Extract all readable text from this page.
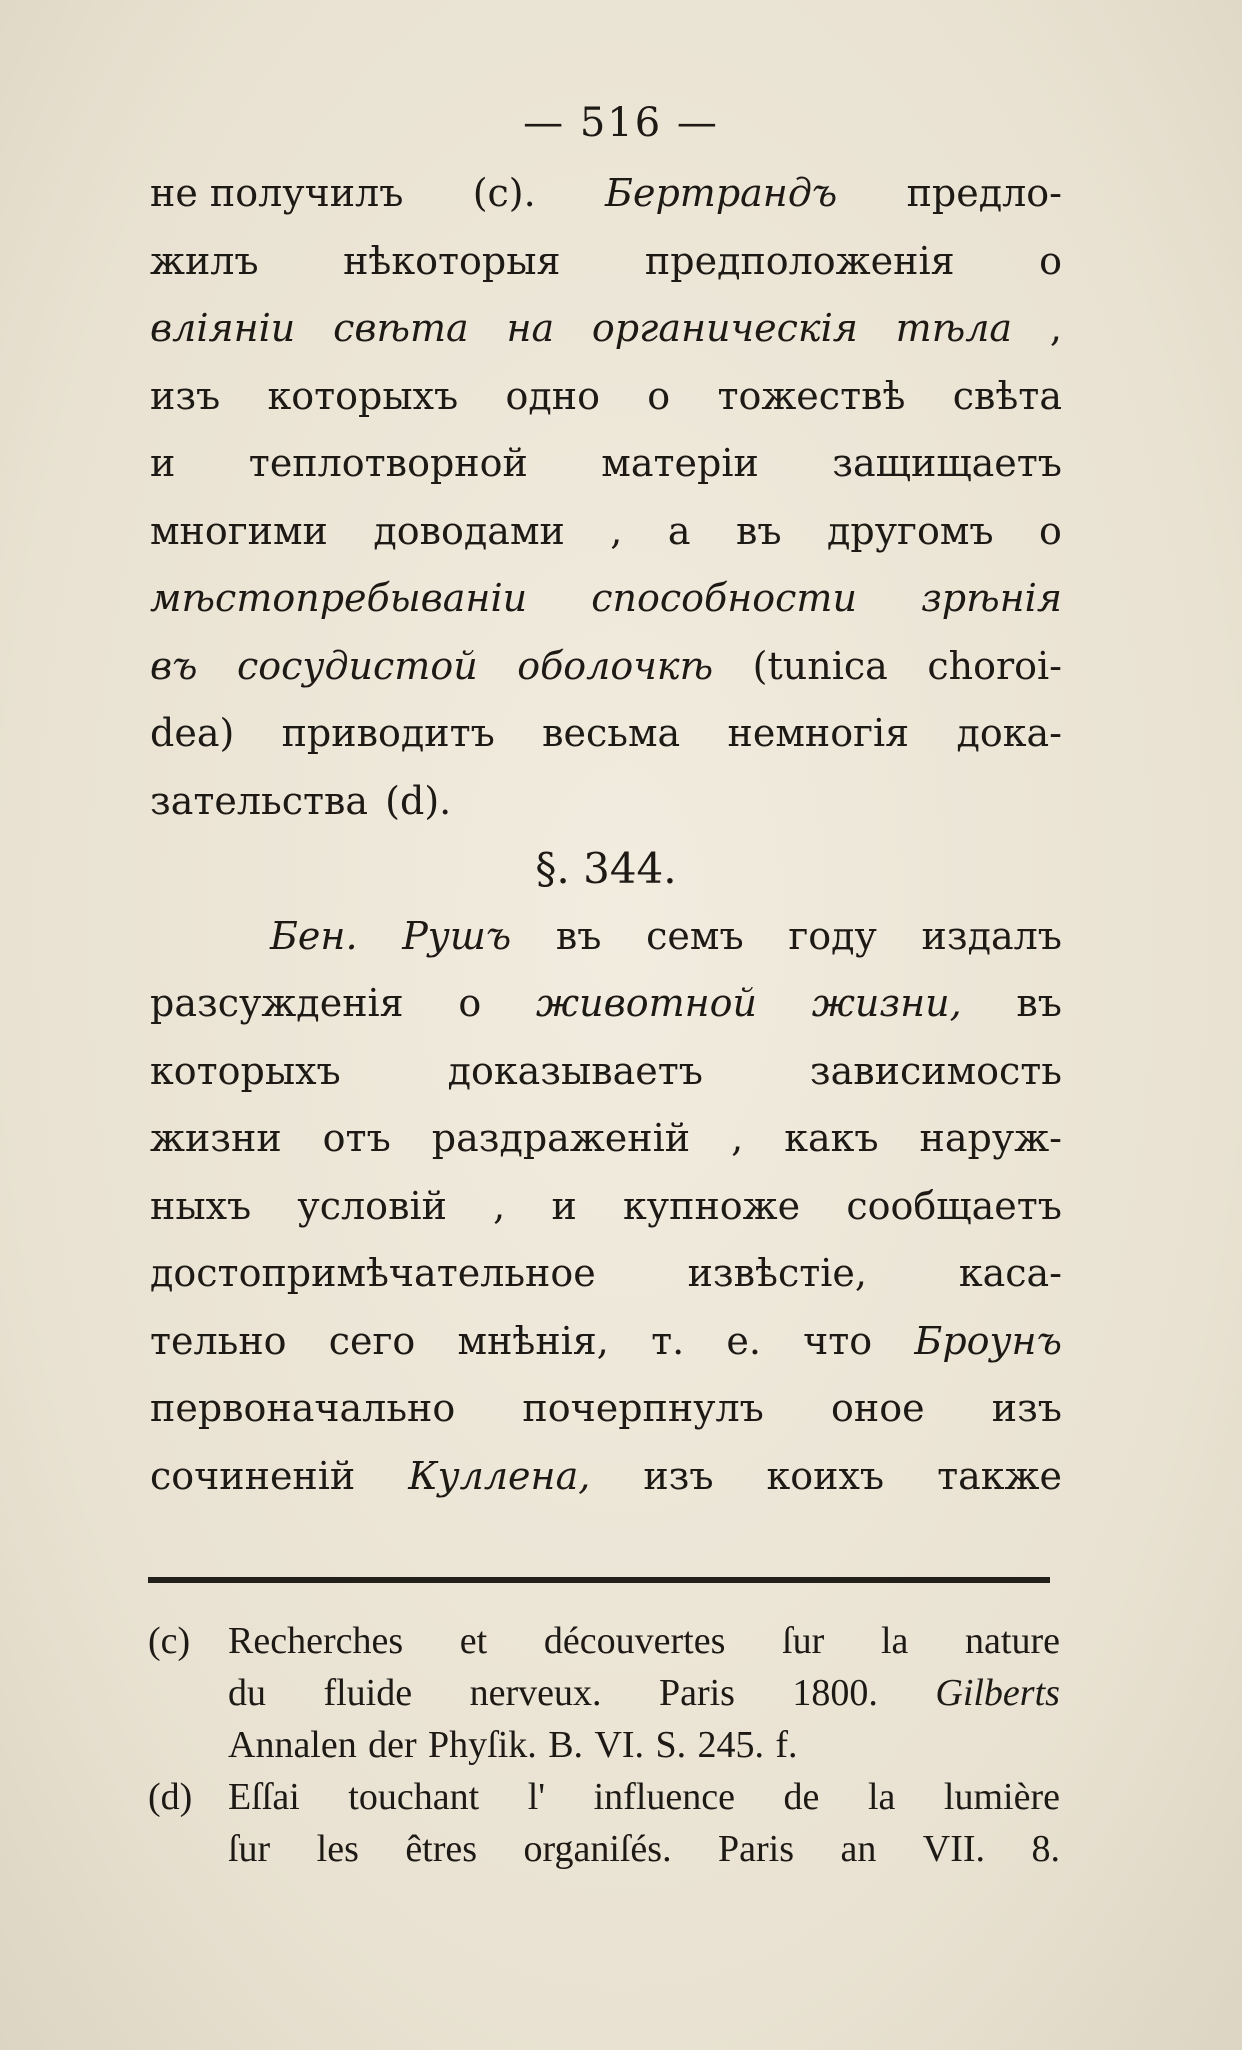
— 516 —
не получилъ (c). Бертрандъ предло-
жилъ нѣкоторыя предположенія о
вліяніи свѣта на органическія тѣла ,
изъ которыхъ одно о тожествѣ свѣта
и теплотворной матеріи защищаетъ
многими доводами , а въ другомъ о
мѣстопребываніи способности зрѣнія
въ сосудистой оболочкѣ (tunica choroi-
dea) приводитъ весьма немногія дока-
зательства (d).
§. 344.
Бен. Рушъ въ семъ году издалъ
разсужденія о животной жизни, въ
которыхъ	доказываетъ	зависимость
жизни отъ раздраженій , какъ наруж-
ныхъ условій , и купноже сообщаетъ
достопримѣчательное извѣстіе, каса-
тельно сего мнѣнія, т. е. что Броунъ
первоначально почерпнулъ оное изъ
сочиненій Куллена, изъ коихъ также
(c) Recherches et découvertes ſur la nature
du fluide nerveux. Paris 1800. Gilberts
Annalen der Phyſik. B. VI. S. 245. f.
(d) Eſſai touchant l' influence de la lumière
ſur les êtres organiſés. Paris an VII. 8.
